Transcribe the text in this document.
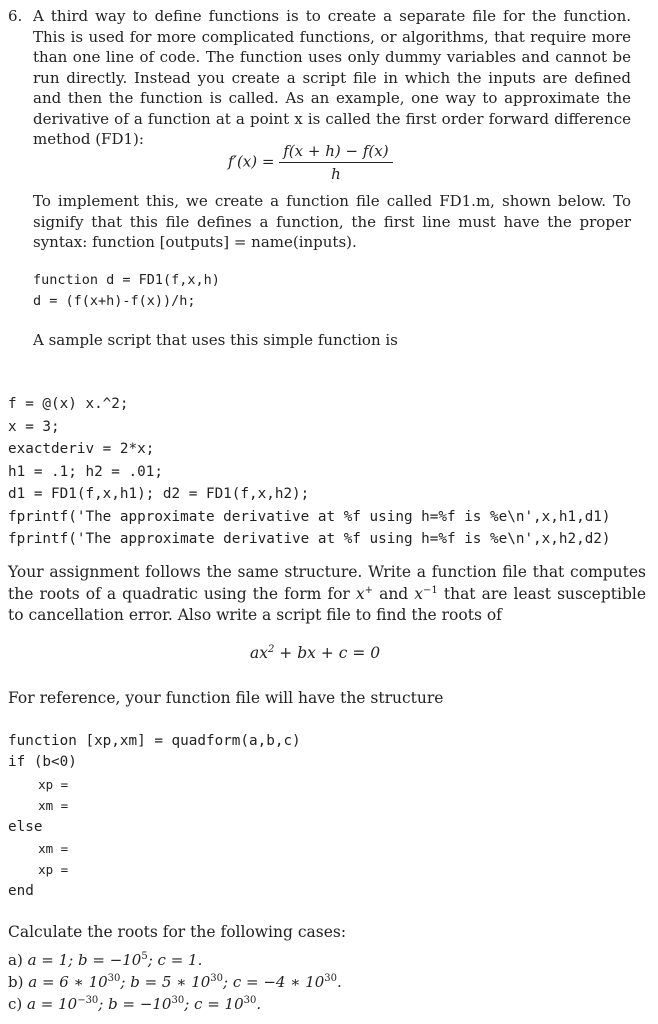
6. A third way to define functions is to create a separate file for the function. This is used for more complicated functions, or algorithms, that require more than one line of code. The function uses only dummy variables and cannot be run directly. Instead you create a script file in which the inputs are defined and then the function is called. As an example, one way to approximate the derivative of a function at a point x is called the first order forward difference method (FD1):
$f'(x) = \frac{f(x + h) - f(x)}{h}$
To implement this, we create a function file called FD1.m, shown below. To signify that this file defines a function, the first line must have the proper syntax: function [outputs] = name(inputs).
function d = FD1(f,x,h)
d = (f(x+h)-f(x))/h;
A sample script that uses this simple function is
f = @(x) x.^2;
x = 3;
exactderiv = 2*x;
h1 = .1; h2 = .01;
d1 = FD1(f,x,h1); d2 = FD1(f,x,h2);
fprintf('The approximate derivative at %f using h=%f is %e\n',x,h1,d1)
fprintf('The approximate derivative at %f using h=%f is %e\n',x,h2,d2)
Your assignment follows the same structure. Write a function file that computes the roots of a quadratic using the form for x+ and $x^{-1}$ that are least susceptible to cancellation error. Also write a script file to find the roots of
$ax^2$ + bx + c = 0
For reference, your function file will have the structure
function [xp,xm] = quadform(a,b,c)
if (b<0)
xp =
xm =
else
xm =
xp =
end
Calculate the roots for the following cases:
a) a = 1; $b = -10^5$; c = 1.
b) a = 6 ∗ $10^{30}$; b = 5 ∗ $10^{30}$; c = −4 ∗ $10^{30}$.
c) $a = 10^{-30}$; $b = -10^{30}$; $c = 10^{30}$.
